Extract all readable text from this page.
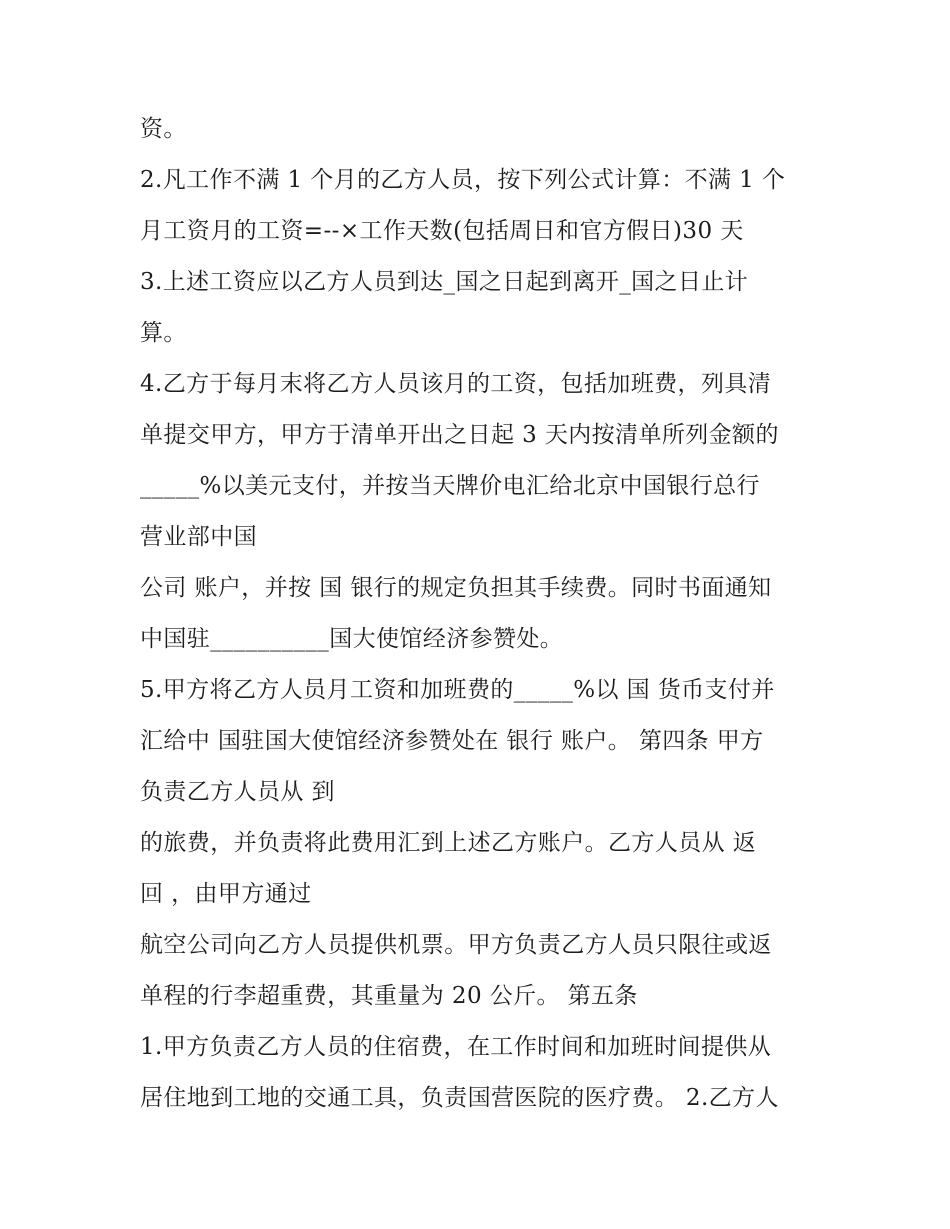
资。
2.凡工作不满 1 个月的乙方人员，按下列公式计算：不满 1 个
月工资月的工资=--×工作天数(包括周日和官方假日)30 天
3.上述工资应以乙方人员到达_国之日起到离开_国之日止计
算。
4.乙方于每月末将乙方人员该月的工资，包括加班费，列具清
单提交甲方，甲方于清单开出之日起 3 天内按清单所列金额的
_____%以美元支付，并按当天牌价电汇给北京中国银行总行
营业部中国
公司 账户，并按 国 银行的规定负担其手续费。同时书面通知
中国驻__________国大使馆经济参赞处。
5.甲方将乙方人员月工资和加班费的_____%以 国 货币支付并
汇给中 国驻国大使馆经济参赞处在 银行 账户。 第四条 甲方
负责乙方人员从 到
的旅费，并负责将此费用汇到上述乙方账户。乙方人员从 返
回 ，由甲方通过
航空公司向乙方人员提供机票。甲方负责乙方人员只限往或返
单程的行李超重费，其重量为 20 公斤。 第五条
1.甲方负责乙方人员的住宿费，在工作时间和加班时间提供从
居住地到工地的交通工具，负责国营医院的医疗费。 2.乙方人
